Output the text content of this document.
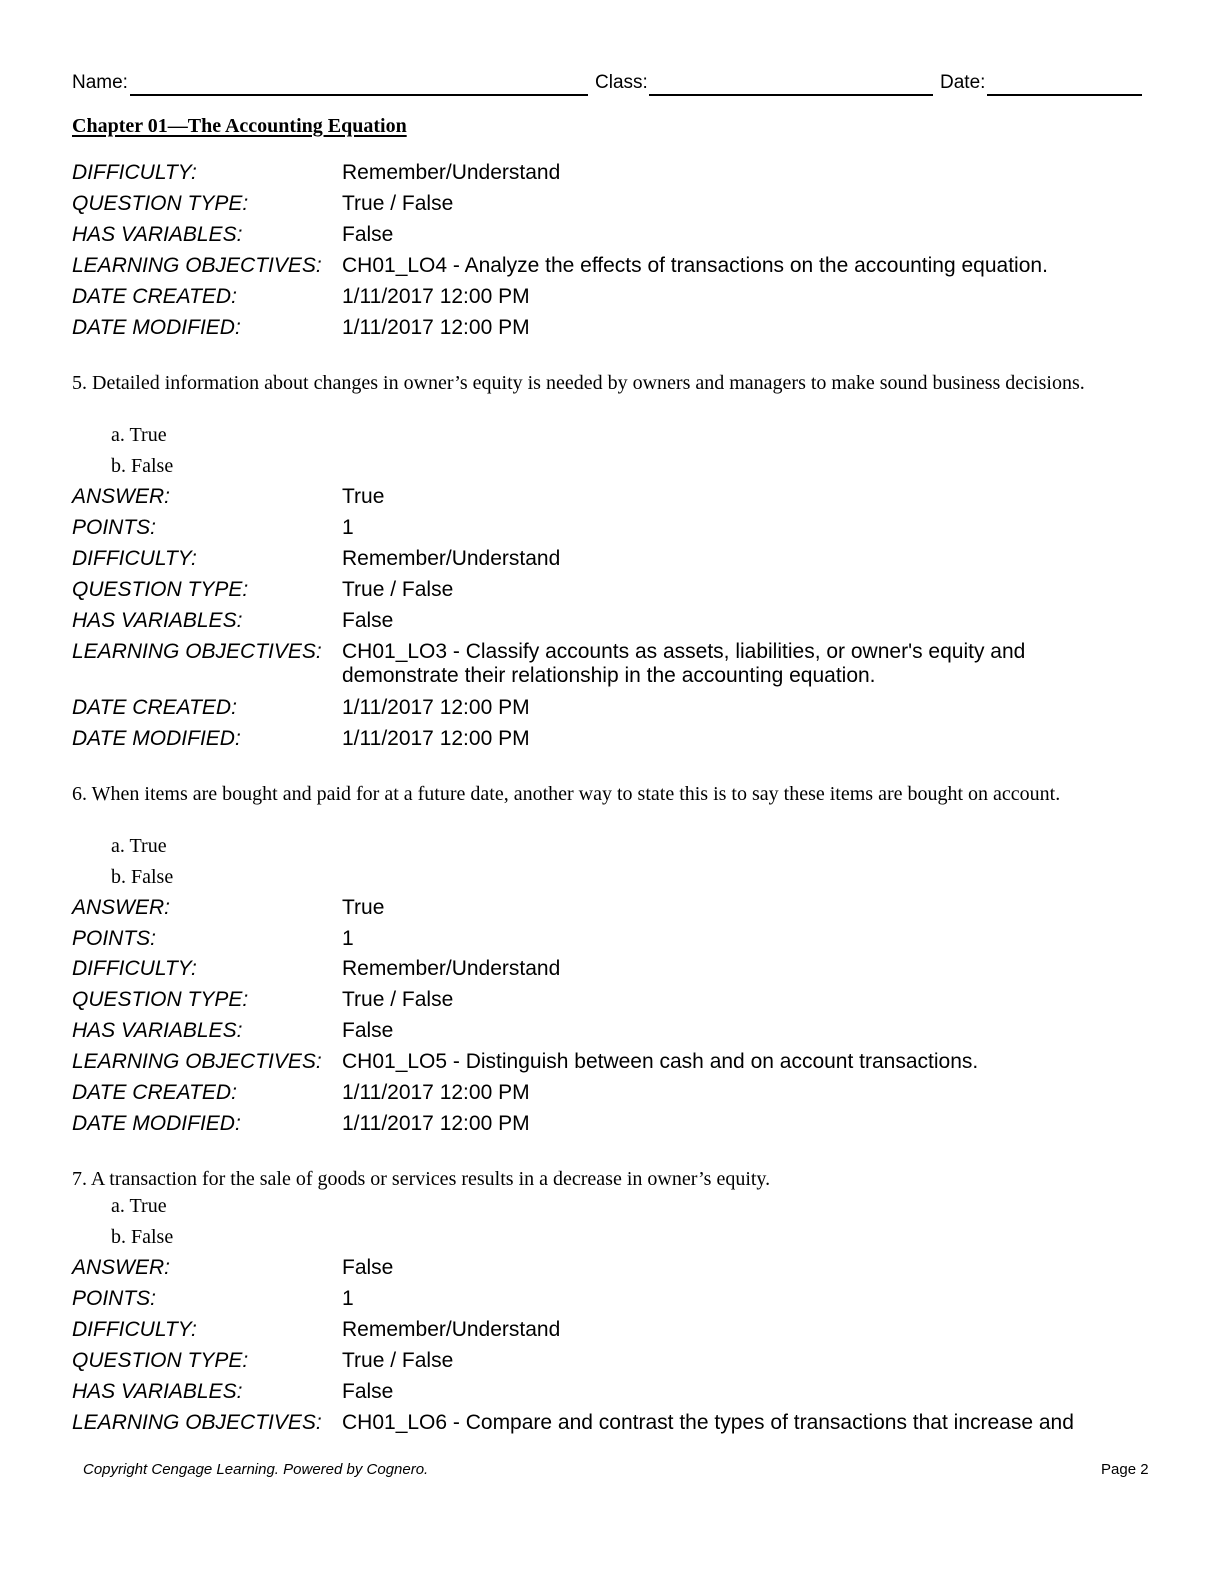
Name:	Class:	Date:
Chapter 01—The Accounting Equation
DIFFICULTY:	Remember/Understand
QUESTION TYPE:	True / False
HAS VARIABLES:	False
LEARNING OBJECTIVES: CH01_LO4 - Analyze the effects of transactions on the accounting equation.
DATE CREATED:	1/11/2017 12:00 PM
DATE MODIFIED:	1/11/2017 12:00 PM
5. Detailed information about changes in owner’s equity is needed by owners and managers to make sound business decisions.
a. True
b. False
ANSWER:	True
POINTS:	1
DIFFICULTY:	Remember/Understand
QUESTION TYPE:	True / False
HAS VARIABLES:	False
LEARNING OBJECTIVES: CH01_LO3 - Classify accounts as assets, liabilities, or owner's equity and demonstrate their relationship in the accounting equation.
DATE CREATED:	1/11/2017 12:00 PM
DATE MODIFIED:	1/11/2017 12:00 PM
6. When items are bought and paid for at a future date, another way to state this is to say these items are bought on account.
a. True
b. False
ANSWER:	True
POINTS:	1
DIFFICULTY:	Remember/Understand
QUESTION TYPE:	True / False
HAS VARIABLES:	False
LEARNING OBJECTIVES: CH01_LO5 - Distinguish between cash and on account transactions.
DATE CREATED:	1/11/2017 12:00 PM
DATE MODIFIED:	1/11/2017 12:00 PM
7. A transaction for the sale of goods or services results in a decrease in owner’s equity.
a. True
b. False
ANSWER:	False
POINTS:	1
DIFFICULTY:	Remember/Understand
QUESTION TYPE:	True / False
HAS VARIABLES:	False
LEARNING OBJECTIVES: CH01_LO6 - Compare and contrast the types of transactions that increase and
Copyright Cengage Learning. Powered by Cognero.	Page 2
